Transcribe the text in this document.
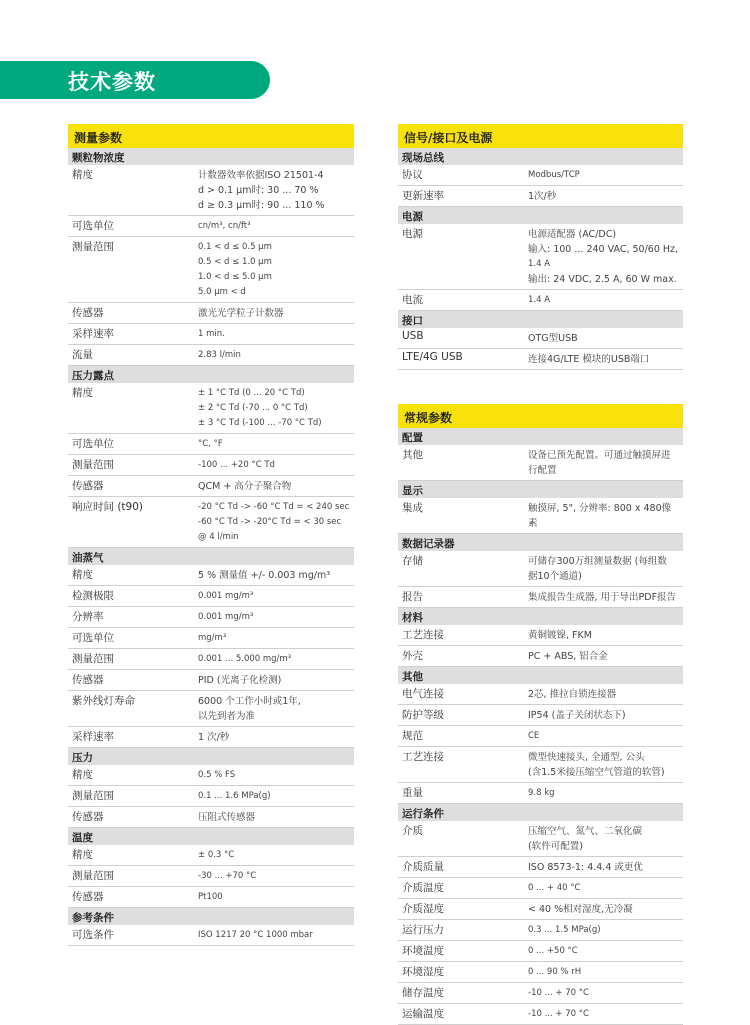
技术参数
测量参数
颗粒物浓度
精度	计数器效率依据ISO 21501-4
d > 0.1 µm时: 30 ... 70 %
d ≥ 0.3 µm时: 90 ... 110 %
可选单位	cn/m³, cn/ft³
测量范围	0.1 < d ≤ 0.5 µm
0.5 < d ≤ 1.0 µm
1.0 < d ≤ 5.0 µm
5.0 µm < d
传感器	激光光学粒子计数器
采样速率	1 min.
流量	2.83 l/min
压力露点
精度	± 1 °C Td (0 ... 20 °C Td)
± 2 °C Td (-70 ... 0 °C Td)
± 3 °C Td (-100 ... -70 °C Td)
可选单位	°C, °F
测量范围	-100 ... +20 °C Td
传感器	QCM + 高分子聚合物
响应时间 (t90)	-20 °C Td -> -60 °C Td = < 240 sec
-60 °C Td -> -20°C Td = < 30 sec
@ 4 l/min
油蒸气
精度	5 % 测量值 +/- 0.003 mg/m³
检测极限	0.001 mg/m³
分辨率	0.001 mg/m³
可选单位	mg/m³
测量范围	0.001 ... 5.000 mg/m³
传感器	PID (光离子化检测)
紫外线灯寿命	6000 个工作小时或1年,
以先到者为准
采样速率	1 次/秒
压力
精度	0.5 % FS
测量范围	0.1 ... 1.6 MPa(g)
传感器	压阻式传感器
温度
精度	± 0.3 °C
测量范围	-30 ... +70 °C
传感器	Pt100
参考条件
可选条件	ISO 1217 20 °C 1000 mbar
信号/接口及电源
现场总线
协议	Modbus/TCP
更新速率	1次/秒
电源
电源	电源适配器 (AC/DC)
输入: 100 ... 240 VAC, 50/60 Hz,
1.4 A
输出: 24 VDC, 2.5 A, 60 W max.
电流	1.4 A
接口
USB	OTG型USB
LTE/4G USB	连接4G/LTE 模块的USB端口
常规参数
配置
其他	设备已预先配置。可通过触摸屏进
行配置
显示
集成	触摸屏, 5", 分辨率: 800 x 480像素
数据记录器
存储	可储存300万组测量数据 (每组数
据10个通道)
报告	集成报告生成器, 用于导出PDF报告
材料
工艺连接	黄铜镀镍, FKM
外壳	PC + ABS, 铝合金
其他
电气连接	2芯, 推拉自锁连接器
防护等级	IP54 (盖子关闭状态下)
规范	CE
工艺连接	微型快速接头, 全通型, 公头
(含1.5米接压缩空气管道的软管)
重量	9.8 kg
运行条件
介质	压缩空气、氮气、二氧化碳
(软件可配置)
介质质量	ISO 8573-1: 4.4.4 或更优
介质温度	0 ... + 40 °C
介质湿度	< 40 %相对湿度,无冷凝
运行压力	0.3 ... 1.5 MPa(g)
环境温度	0 ... +50 °C
环境湿度	0 ... 90 % rH
储存温度	-10 ... + 70 °C
运输温度	-10 ... + 70 °C
